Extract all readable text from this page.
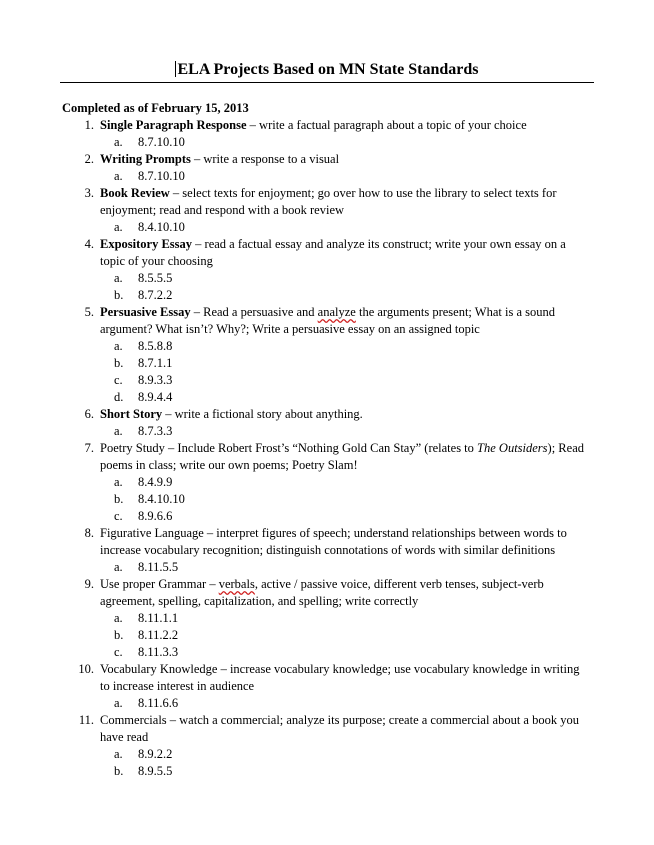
ELA Projects Based on MN State Standards
Completed as of February 15, 2013
1. Single Paragraph Response – write a factual paragraph about a topic of your choice
a.	8.7.10.10
2. Writing Prompts – write a response to a visual
a.	8.7.10.10
3. Book Review – select texts for enjoyment; go over how to use the library to select texts for enjoyment; read and respond with a book review
a.	8.4.10.10
4. Expository Essay – read a factual essay and analyze its construct; write your own essay on a topic of your choosing
a.	8.5.5.5
b.	8.7.2.2
5. Persuasive Essay – Read a persuasive and analyze the arguments present; What is a sound argument? What isn’t? Why?; Write a persuasive essay on an assigned topic
a.	8.5.8.8
b.	8.7.1.1
c.	8.9.3.3
d.	8.9.4.4
6. Short Story – write a fictional story about anything.
a.	8.7.3.3
7. Poetry Study – Include Robert Frost’s “Nothing Gold Can Stay” (relates to The Outsiders); Read poems in class; write our own poems; Poetry Slam!
a.	8.4.9.9
b.	8.4.10.10
c.	8.9.6.6
8. Figurative Language – interpret figures of speech; understand relationships between words to increase vocabulary recognition; distinguish connotations of words with similar definitions
a.	8.11.5.5
9. Use proper Grammar – verbals, active / passive voice, different verb tenses, subject-verb agreement, spelling, capitalization, and spelling; write correctly
a.	8.11.1.1
b.	8.11.2.2
c.	8.11.3.3
10. Vocabulary Knowledge – increase vocabulary knowledge; use vocabulary knowledge in writing to increase interest in audience
a.	8.11.6.6
11. Commercials – watch a commercial; analyze its purpose; create a commercial about a book you have read
a.	8.9.2.2
b.	8.9.5.5
